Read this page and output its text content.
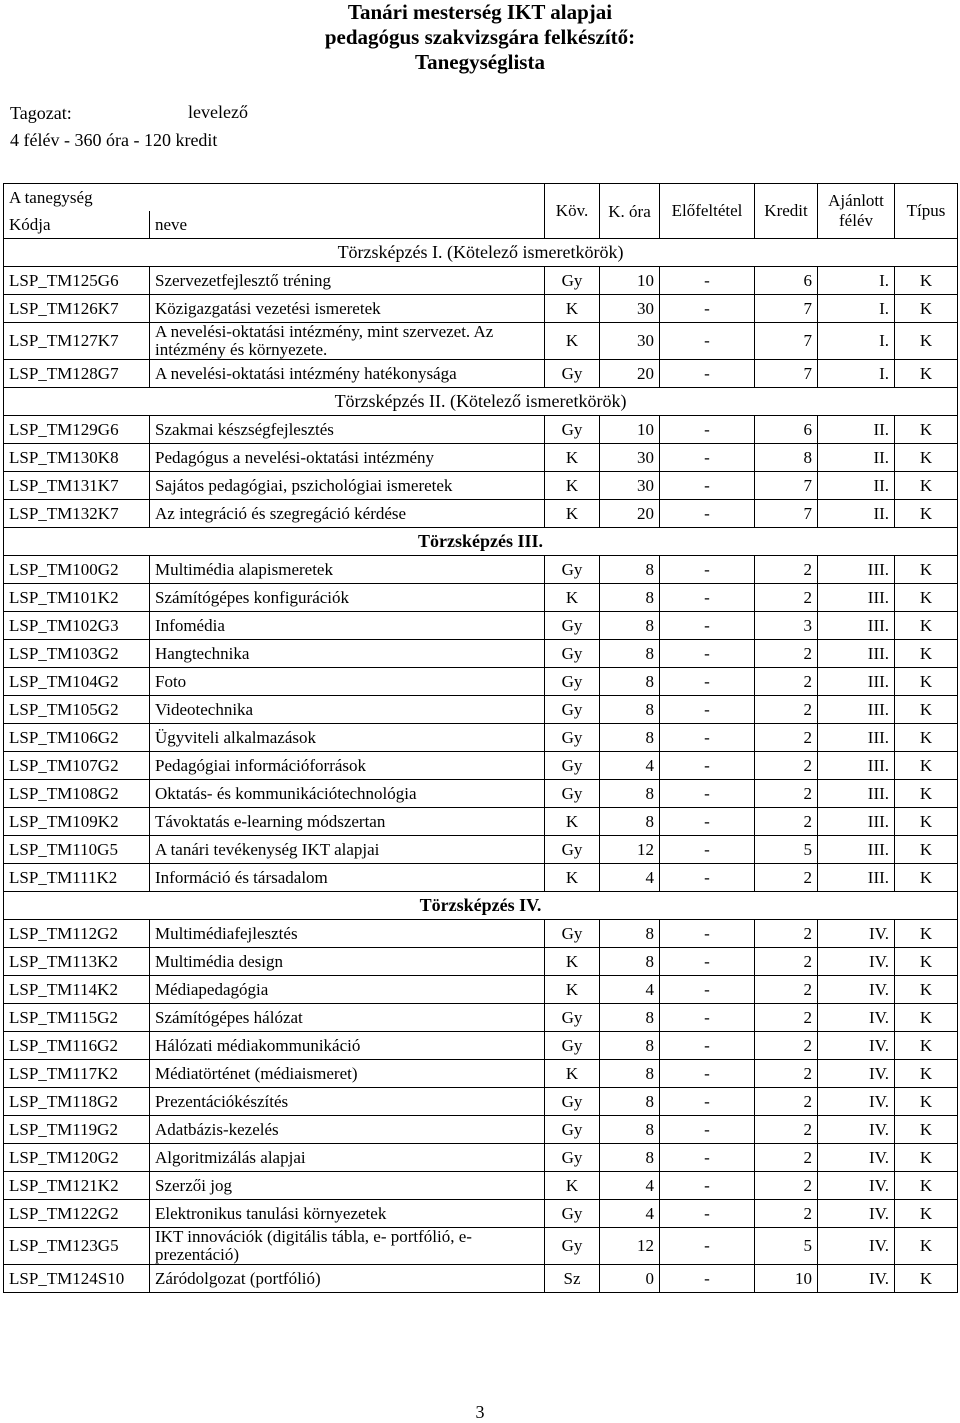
Tanári mesterség IKT alapjai
pedagógus szakvizsgára felkészítő:
Tanegységlista
Tagozat:	levelező
4 félév - 360 óra - 120 kredit
A tanegység		Köv.	K. óra	Előfeltétel	Kredit	Ajánlott félév	Típus
Kódja	neve						
Törzsképzés I. (Kötelező ismeretkörök)							
LSP_TM125G6	Szervezetfejlesztő tréning	Gy	10	-	6	I.	K
LSP_TM126K7	Közigazgatási vezetési ismeretek	K	30	-	7	I.	K
LSP_TM127K7	A nevelési-oktatási intézmény, mint szervezet. Az intézmény és környezete.	K	30	-	7	I.	K
LSP_TM128G7	A nevelési-oktatási intézmény hatékonysága	Gy	20	-	7	I.	K
Törzsképzés II. (Kötelező ismeretkörök)							
LSP_TM129G6	Szakmai készségfejlesztés	Gy	10	-	6	II.	K
LSP_TM130K8	Pedagógus a nevelési-oktatási intézmény	K	30	-	8	II.	K
LSP_TM131K7	Sajátos pedagógiai, pszichológiai ismeretek	K	30	-	7	II.	K
LSP_TM132K7	Az integráció és szegregáció kérdése	K	20	-	7	II.	K
Törzsképzés III.							
LSP_TM100G2	Multimédia alapismeretek	Gy	8	-	2	III.	K
LSP_TM101K2	Számítógépes konfigurációk	K	8	-	2	III.	K
LSP_TM102G3	Infomédia	Gy	8	-	3	III.	K
LSP_TM103G2	Hangtechnika	Gy	8	-	2	III.	K
LSP_TM104G2	Foto	Gy	8	-	2	III.	K
LSP_TM105G2	Videotechnika	Gy	8	-	2	III.	K
LSP_TM106G2	Ügyviteli alkalmazások	Gy	8	-	2	III.	K
LSP_TM107G2	Pedagógiai információforrások	Gy	4	-	2	III.	K
LSP_TM108G2	Oktatás- és kommunikációtechnológia	Gy	8	-	2	III.	K
LSP_TM109K2	Távoktatás e-learning módszertan	K	8	-	2	III.	K
LSP_TM110G5	A tanári tevékenység IKT alapjai	Gy	12	-	5	III.	K
LSP_TM111K2	Információ és társadalom	K	4	-	2	III.	K
Törzsképzés IV.							
LSP_TM112G2	Multimédiafejlesztés	Gy	8	-	2	IV.	K
LSP_TM113K2	Multimédia design	K	8	-	2	IV.	K
LSP_TM114K2	Médiapedagógia	K	4	-	2	IV.	K
LSP_TM115G2	Számítógépes hálózat	Gy	8	-	2	IV.	K
LSP_TM116G2	Hálózati médiakommunikáció	Gy	8	-	2	IV.	K
LSP_TM117K2	Médiatörténet (médiaismeret)	K	8	-	2	IV.	K
LSP_TM118G2	Prezentációkészítés	Gy	8	-	2	IV.	K
LSP_TM119G2	Adatbázis-kezelés	Gy	8	-	2	IV.	K
LSP_TM120G2	Algoritmizálás alapjai	Gy	8	-	2	IV.	K
LSP_TM121K2	Szerzői jog	K	4	-	2	IV.	K
LSP_TM122G2	Elektronikus tanulási környezetek	Gy	4	-	2	IV.	K
LSP_TM123G5	IKT innovációk (digitális tábla, e- portfólió, e-prezentáció)	Gy	12	-	5	IV.	K
LSP_TM124S10	Záródolgozat (portfólió)	Sz	0	-	10	IV.	K
3
